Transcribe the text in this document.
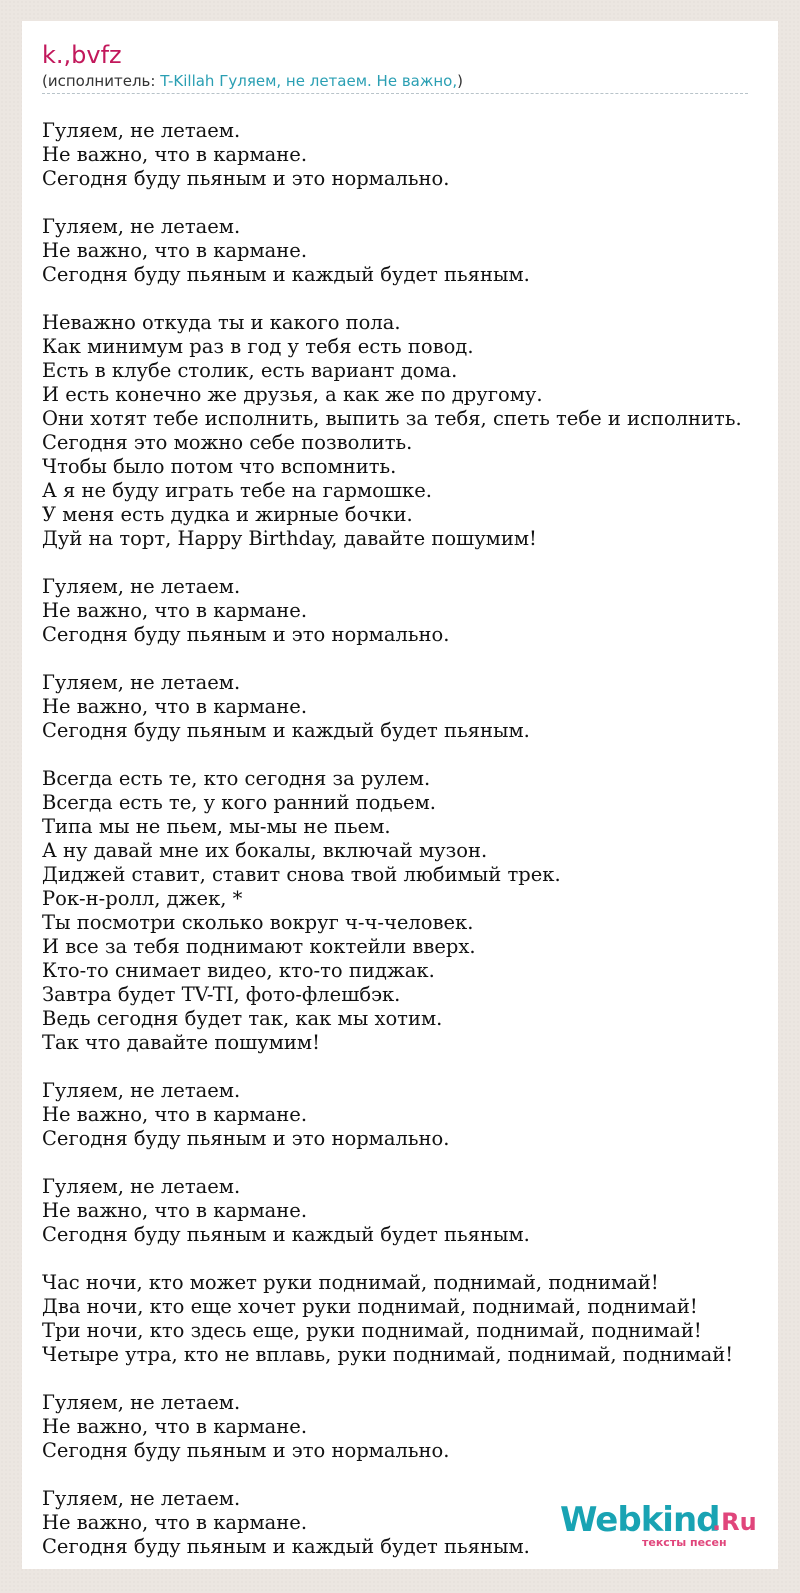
k.,bvfz
(исполнитель: T-Killah Гуляем, не летаем. Не важно,)
Гуляем, не летаем.
Не важно, что в кармане.
Сегодня буду пьяным и это нормально.
Гуляем, не летаем.
Не важно, что в кармане.
Сегодня буду пьяным и каждый будет пьяным.
Неважно откуда ты и какого пола.
Как минимум раз в год у тебя есть повод.
Есть в клубе столик, есть вариант дома.
И есть конечно же друзья, а как же по другому.
Они хотят тебе исполнить, выпить за тебя, спеть тебе и исполнить.
Сегодня это можно себе позволить.
Чтобы было потом что вспомнить.
А я не буду играть тебе на гармошке.
У меня есть дудка и жирные бочки.
Дуй на торт, Happy Birthday, давайте пошумим!
Гуляем, не летаем.
Не важно, что в кармане.
Сегодня буду пьяным и это нормально.
Гуляем, не летаем.
Не важно, что в кармане.
Сегодня буду пьяным и каждый будет пьяным.
Всегда есть те, кто сегодня за рулем.
Всегда есть те, у кого ранний подьем.
Типа мы не пьем, мы-мы не пьем.
А ну давай мне их бокалы, включай музон.
Диджей ставит, ставит снова твой любимый трек.
Рок-н-ролл, джек, *
Ты посмотри сколько вокруг ч-ч-человек.
И все за тебя поднимают коктейли вверх.
Кто-то снимает видео, кто-то пиджак.
Завтра будет TV-TI, фото-флешбэк.
Ведь сегодня будет так, как мы хотим.
Так что давайте пошумим!
Гуляем, не летаем.
Не важно, что в кармане.
Сегодня буду пьяным и это нормально.
Гуляем, не летаем.
Не важно, что в кармане.
Сегодня буду пьяным и каждый будет пьяным.
Час ночи, кто может руки поднимай, поднимай, поднимай!
Два ночи, кто еще хочет руки поднимай, поднимай, поднимай!
Три ночи, кто здесь еще, руки поднимай, поднимай, поднимай!
Четыре утра, кто не вплавь, руки поднимай, поднимай, поднимай!
Гуляем, не летаем.
Не важно, что в кармане.
Сегодня буду пьяным и это нормально.
Гуляем, не летаем.
Не важно, что в кармане.
Сегодня буду пьяным и каждый будет пьяным.
Webkind
.Ru
тексты песен
